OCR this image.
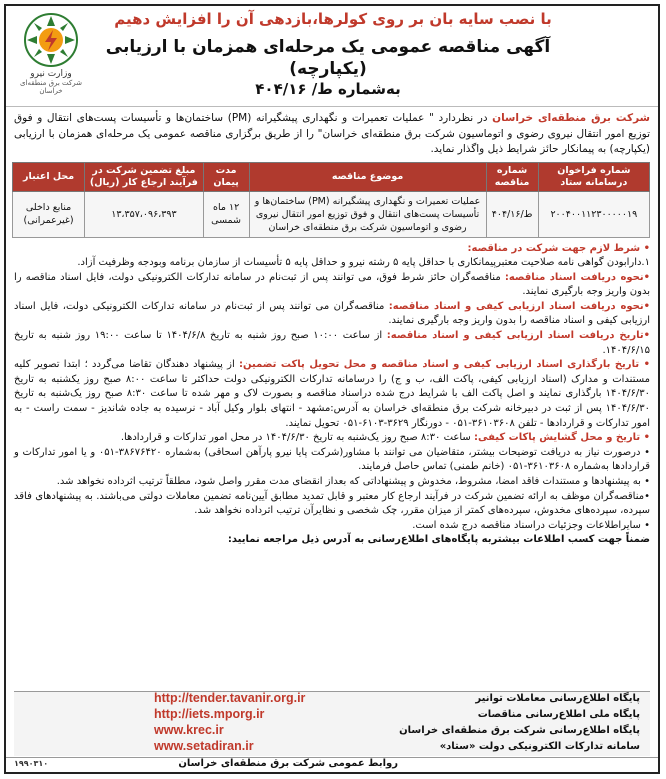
وزارت نیرو
شرکت برق منطقه‌ای خراسان
با نصب سایه بان بر روی کولرها،بازدهی آن را افزایش دهیم
آگهی مناقصه عمومی یک مرحله‌ای همزمان با ارزیابی (یکپارچه)
به‌شماره ط/ ۴۰۴/۱۶
شرکت برق منطقه‌ای خراسان در نظردارد " عملیات تعمیرات و نگهداری پیشگیرانه (PM) ساختمان‌ها و تأسیسات پست‌های انتقال و فوق توزیع امور انتقال نیروی رضوی و اتوماسیون شرکت برق منطقه‌ای خراسان" را از طریق برگزاری مناقصه عمومی یک مرحله‌ای همزمان با ارزیابی (یکپارچه) به پیمانکار حائز شرایط ذیل واگذار نماید.
شماره فراخوان درسامانه ستاد	شماره مناقصه	موضوع مناقصه	مدت پیمان	مبلغ تضمین شرکت در فرآیند ارجاع کار (ریال)	محل اعتبار
۲۰۰۴۰۰۱۱۲۳۰۰۰۰۰۱۹	ط/۴۰۴/۱۶	عملیات تعمیرات و نگهداری پیشگیرانه (PM) ساختمان‌ها و تأسیسات پست‌های انتقال و فوق توزیع امور انتقال نیروی رضوی و اتوماسیون شرکت برق منطقه‌ای خراسان	۱۲ ماه شمسی	۱۳،۳۵۷،۰۹۶،۳۹۳	منابع داخلی (غیرعمرانی)

• شرط لازم جهت شرکت در مناقصه:

۱.دارابودن گواهی نامه صلاحیت معتبرپیمانکاری با حداقل پایه ۵ رشته نیرو و حداقل پایه ۵ تأسیسات از سازمان برنامه وبودجه وظرفیت آزاد.

•نحوه دریافت اسناد مناقصه: مناقصه‌گران حائز شرط فوق، می توانند پس از ثبت‌نام در سامانه تدارکات الکترونیکی دولت، فایل اسناد مناقصه را بدون واریز وجه بارگیری نمایند.

•نحوه دریافت اسناد ارزیابی کیفی و اسناد مناقصه: مناقصه‌گران می توانند پس از ثبت‌نام در سامانه تدارکات الکترونیکی دولت، فایل اسناد ارزیابی کیفی و اسناد مناقصه را بدون واریز وجه بارگیری نمایند.

•تاریخ دریافت اسناد ارزیابی کیفی و اسناد مناقصه: از ساعت ۱۰:۰۰ صبح روز شنبه به تاریخ ۱۴۰۴/۶/۸ تا ساعت ۱۹:۰۰ روز شنبه به تاریخ ۱۴۰۴/۶/۱۵.

• تاریخ بارگذاری اسناد ارزیابی کیفی و اسناد مناقصه و محل تحویل پاکت تضمین: از پیشنهاد دهندگان تقاضا می‌گردد ؛ ابتدا تصویر کلیه مستندات و مدارک (اسناد ارزیابی کیفی، پاکت الف، ب و ج) را درسامانه تدارکات الکترونیکی دولت حداکثر تا ساعت ۸:۰۰ صبح روز یکشنبه به تاریخ ۱۴۰۴/۶/۳۰ بارگذاری نمایند و اصل پاکت الف با شرایط درج شده دراسناد مناقصه و بصورت لاک و مهر شده تا ساعت ۸:۳۰ صبح روز یک‌شنبه به تاریخ ۱۴۰۴/۶/۳۰ پس از ثبت در دبیرخانه شرکت برق منطقه‌ای خراسان به آدرس:مشهد - انتهای بلوار وکیل آباد - نرسیده به جاده شاندیز - سمت راست - به امور تدارکات و قراردادها - تلفن ۳۶۱۰۳۶۰۸-۰۵۱ - دورنگار ۳۶۲۹-۶۱۰۳-۰۵۱ تحویل نمایند.

• تاریخ و محل گشایش پاکات کیفی: ساعت ۸:۳۰ صبح روز یک‌شنبه به تاریخ ۱۴۰۴/۶/۳۰ در محل امور تدارکات و قراردادها.

• درصورت نیاز به دریافت توضیحات بیشتر، متقاضیان می توانند با مشاور(شرکت پایا نیرو پارآهن اسحاقی) به‌شماره ۳۸۶۷۶۴۲۰-۰۵۱ و یا امور تدارکات و قراردادها به‌شماره ۳۶۱۰۳۶۰۸-۰۵۱ (خانم طمنی) تماس حاصل فرمایند.

• به پیشنهادها و مستندات فاقد امضا، مشروط، مخدوش و پیشنهاداتی که بعداز انقضای مدت مقرر واصل شود، مطلقاً ترتیب اثرداده نخواهد شد.

•مناقصه‌گران موظف به ارائه تضمین شرکت در فرآیند ارجاع کار معتبر و قابل تمدید مطابق آیین‌نامه تضمین معاملات دولتی می‌باشند. به پیشنهادهای فاقد سپرده، سپرده‌های مخدوش، سپرده‌های کمتر از میزان مقرر، چک شخصی و نظایرآن ترتیب اثرداده نخواهد شد.

• سایراطلاعات وجزئیات دراسناد مناقصه درج شده است.

ضمناً جهت کسب اطلاعات بیشتربه پایگاه‌های اطلاع‌رسانی به آدرس ذیل مراجعه نمایید:

پایگاه اطلاع‌رسانی معاملات توانیر
http://tender.tavanir.org.ir
پایگاه ملی اطلاع‌رسانی مناقصات
http://iets.mporg.ir
پایگاه اطلاع‌رسانی شرکت برق منطقه‌ای خراسان
www.krec.ir
سامانه تدارکات الکترونیکی دولت «ستاد»
www.setadiran.ir
روابط عمومی شرکت برق منطقه‌ای خراسان
۱۹۹۰۳۱۰
